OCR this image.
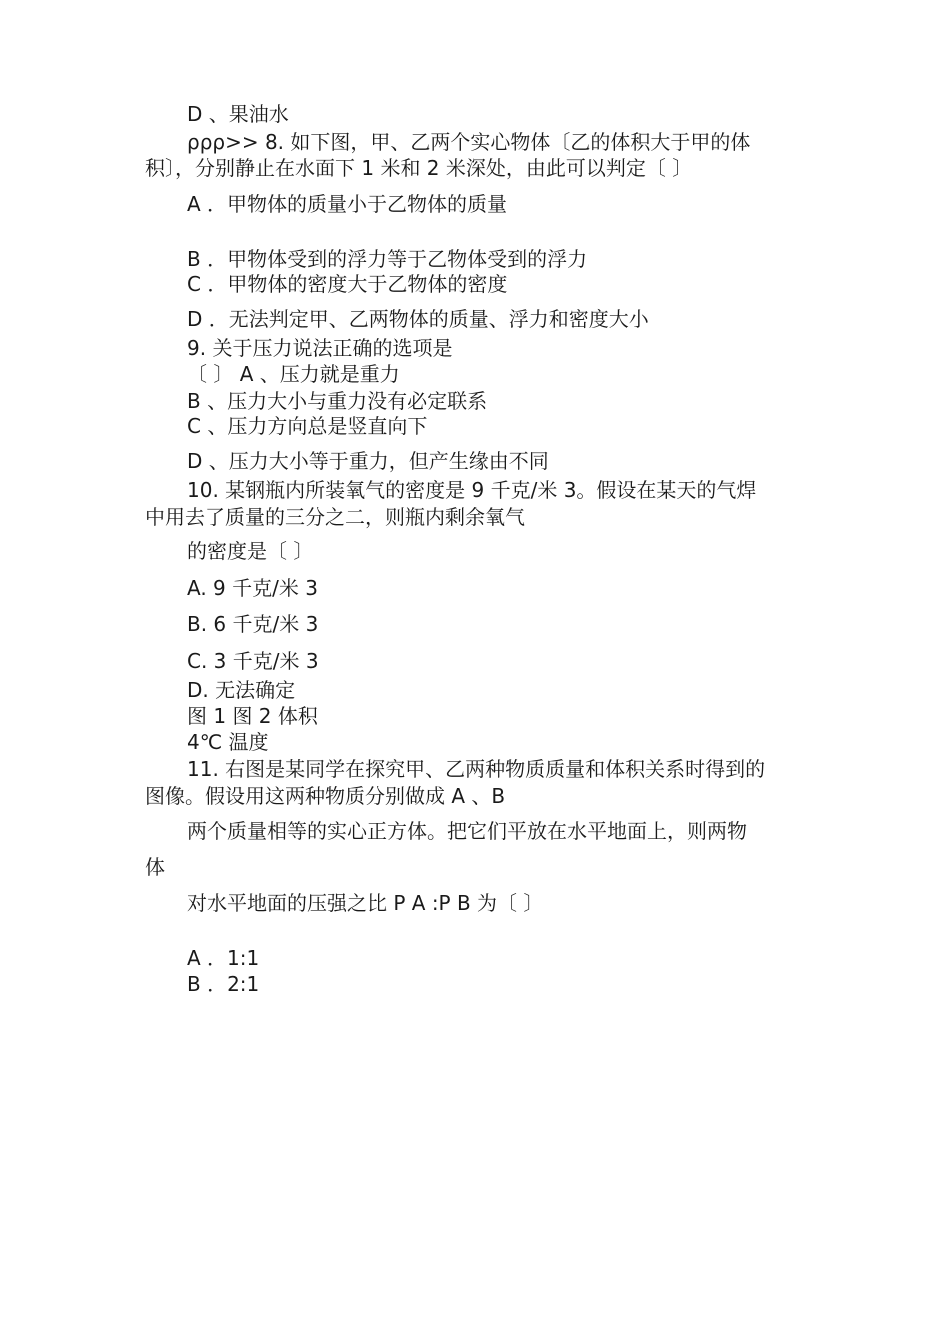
D 、果油水
ρρρ>> 8. 如下图，甲、乙两个实心物体〔乙的体积大于甲的体
积〕，分别静止在水面下 1 米和 2 米深处，由此可以判定〔 〕
A ．甲物体的质量小于乙物体的质量
B ．甲物体受到的浮力等于乙物体受到的浮力
C ．甲物体的密度大于乙物体的密度
D ．无法判定甲、乙两物体的质量、浮力和密度大小
9. 关于压力说法正确的选项是
〔 〕 A 、压力就是重力
B 、压力大小与重力没有必定联系
C 、压力方向总是竖直向下
D 、压力大小等于重力，但产生缘由不同
10. 某钢瓶内所装氧气的密度是 9 千克/米 3。假设在某天的气焊
中用去了质量的三分之二，则瓶内剩余氧气
的密度是〔 〕
A. 9 千克/米 3
B. 6 千克/米 3
C. 3 千克/米 3
D. 无法确定
图 1 图 2 体积
4℃ 温度
11. 右图是某同学在探究甲、乙两种物质质量和体积关系时得到的
图像。假设用这两种物质分别做成 A 、B
两个质量相等的实心正方体。把它们平放在水平地面上，则两物
体
对水平地面的压强之比 P A :P B 为〔 〕
A ．1:1
B ．2:1
